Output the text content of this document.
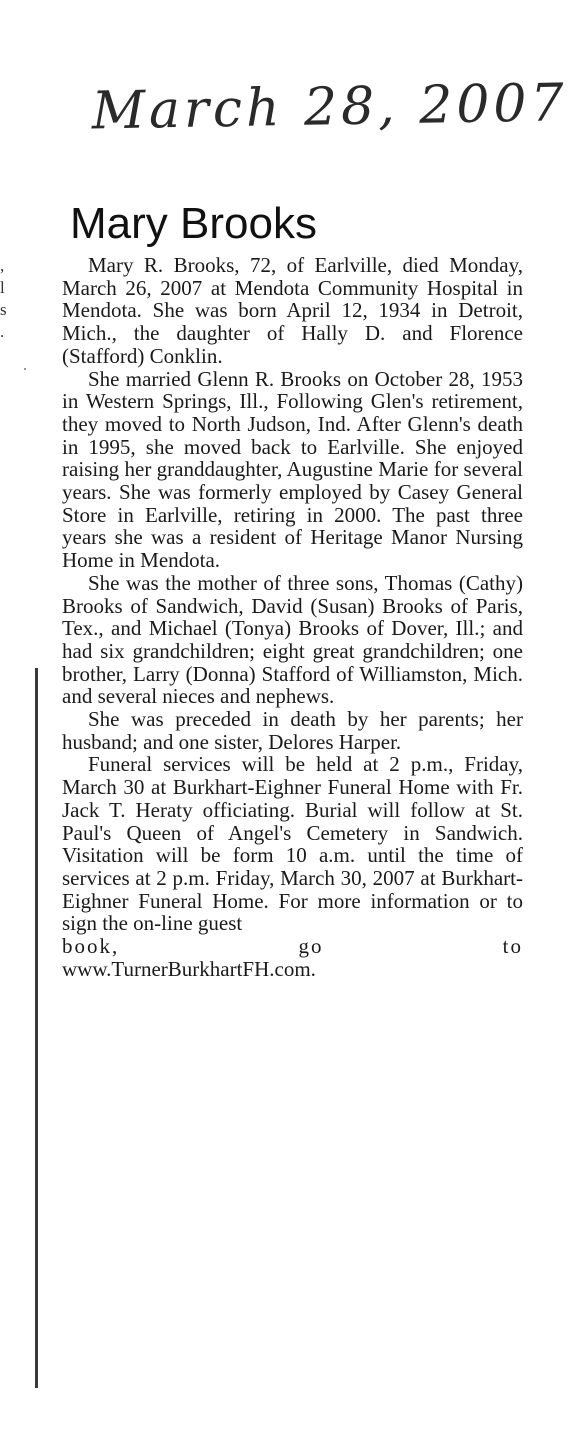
March 28, 2007
Mary Brooks
,
l
s
.

Mary R. Brooks, 72, of Earlville, died Monday, March 26, 2007 at Mendota Community Hospital in Mendota. She was born April 12, 1934 in Detroit, Mich., the daughter of Hally D. and Florence (Stafford) Conklin.

She married Glenn R. Brooks on October 28, 1953 in Western Springs, Ill., Following Glen's retirement, they moved to North Judson, Ind. After Glenn's death in 1995, she moved back to Earlville. She enjoyed raising her granddaughter, Augustine Marie for several years. She was formerly employed by Casey General Store in Earlville, retiring in 2000. The past three years she was a resident of Heritage Manor Nursing Home in Mendota.

She was the mother of three sons, Thomas (Cathy) Brooks of Sandwich, David (Susan) Brooks of Paris, Tex., and Michael (Tonya) Brooks of Dover, Ill.; and had six grandchildren; eight great grandchildren; one brother, Larry (Donna) Stafford of Williamston, Mich. and several nieces and nephews.

She was preceded in death by her parents; her husband; and one sister, Delores Harper.

Funeral services will be held at 2 p.m., Friday, March 30 at Burkhart-Eighner Funeral Home with Fr. Jack T. Heraty officiating. Burial will follow at St. Paul's Queen of Angel's Cemetery in Sandwich. Visitation will be form 10 a.m. until the time of services at 2 p.m. Friday, March 30, 2007 at Burkhart-Eighner Funeral Home. For more information or to sign the on-line guest

book, go to

www.TurnerBurkhartFH.com.
